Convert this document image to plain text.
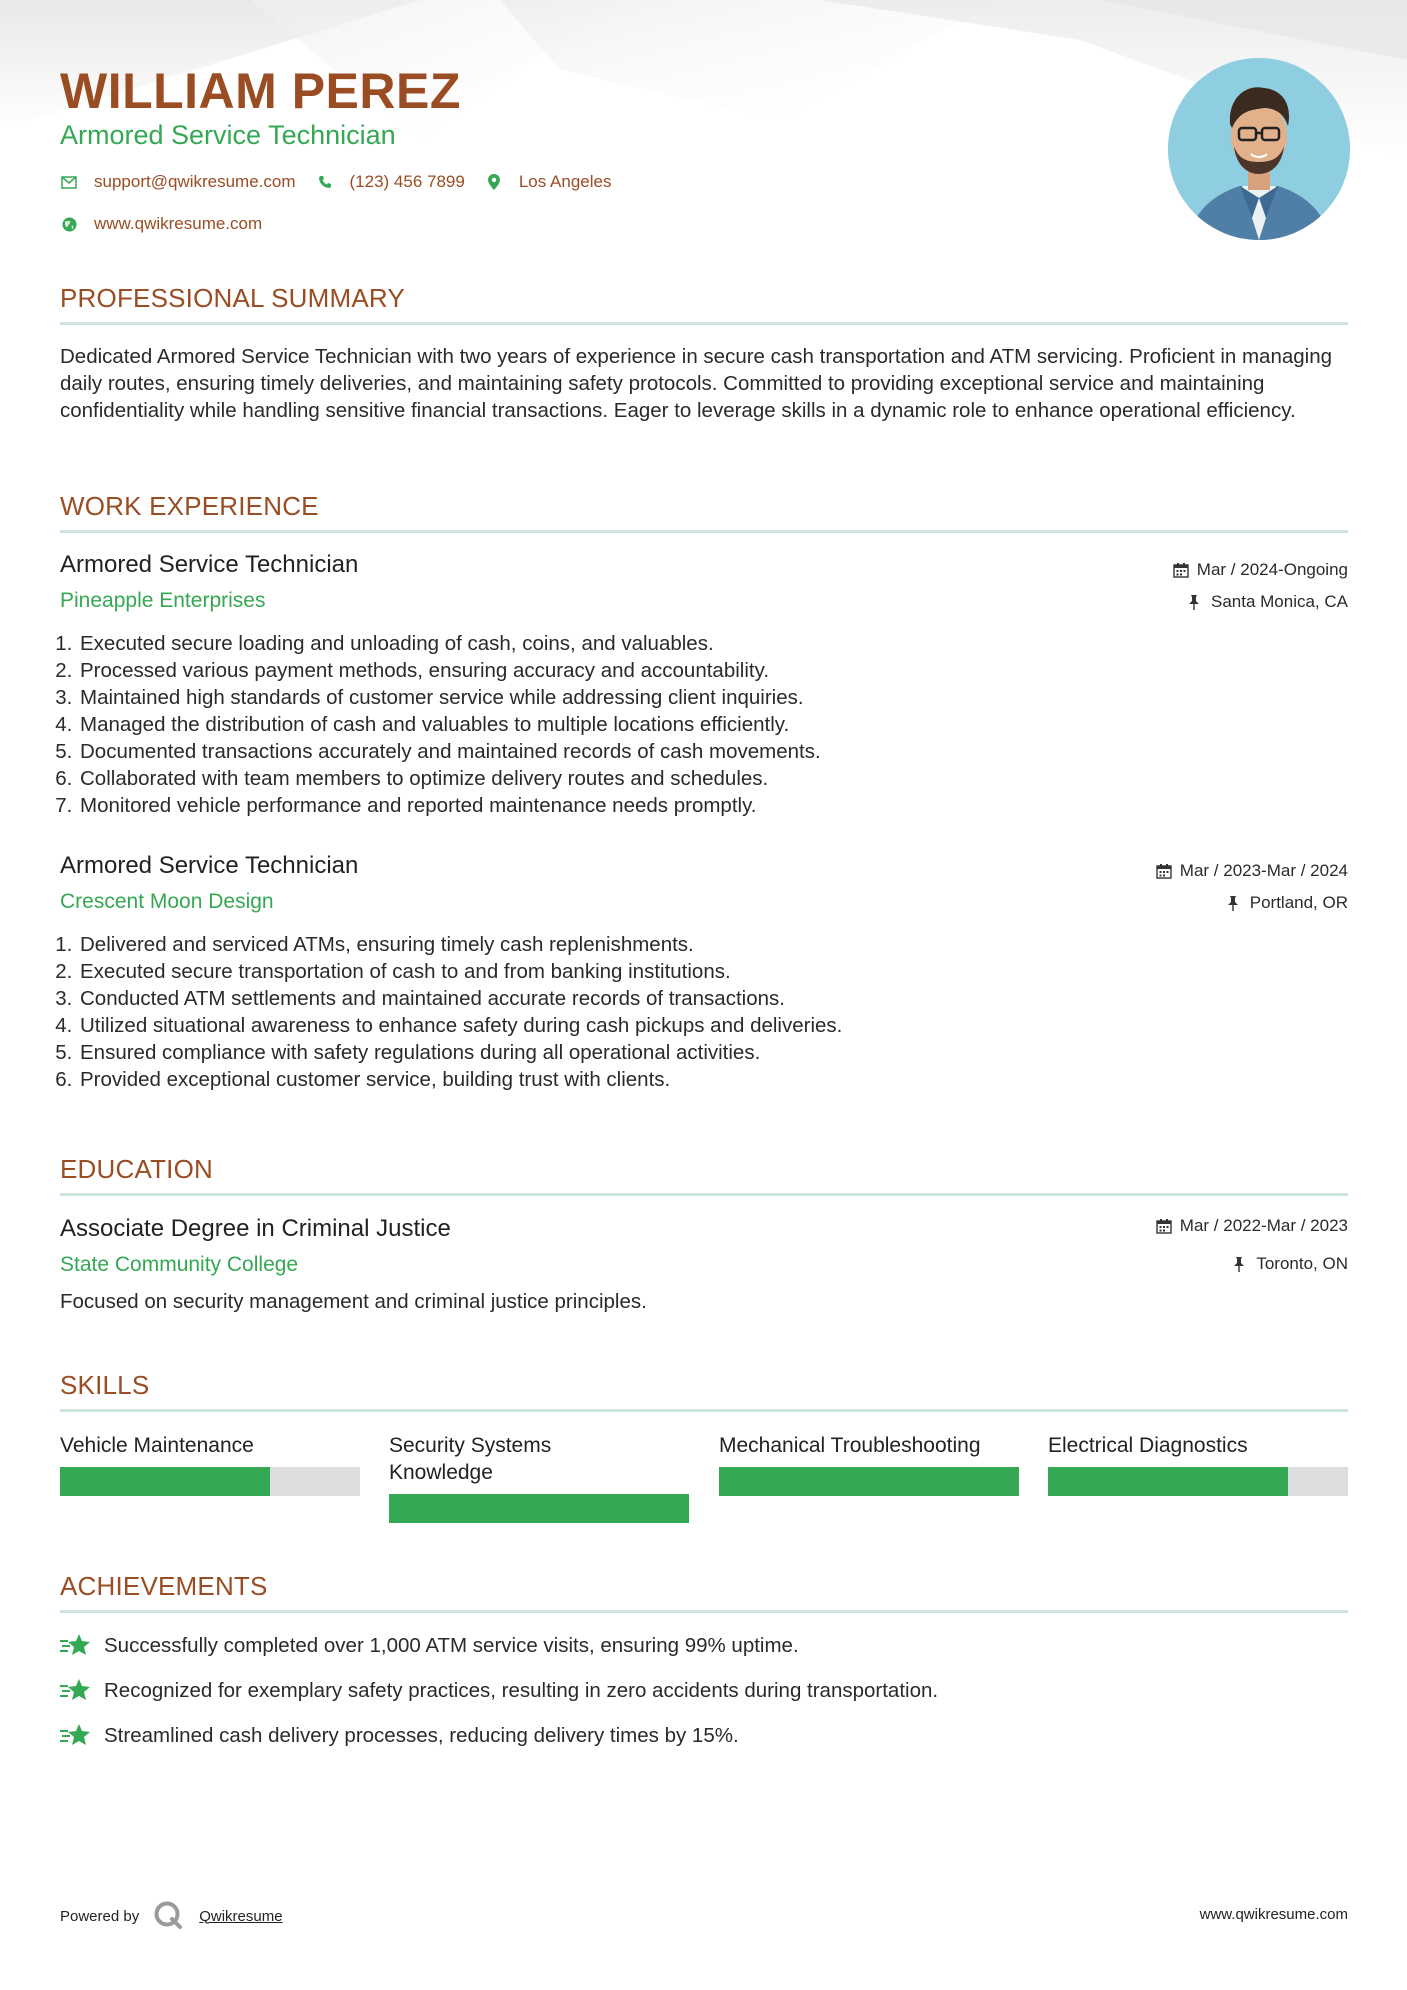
WILLIAM PEREZ
Armored Service Technician
support@qwikresume.com	(123) 456 7899	Los Angeles
www.qwikresume.com
PROFESSIONAL SUMMARY
Dedicated Armored Service Technician with two years of experience in secure cash transportation and ATM servicing. Proficient in managing daily routes, ensuring timely deliveries, and maintaining safety protocols. Committed to providing exceptional service and maintaining confidentiality while handling sensitive financial transactions. Eager to leverage skills in a dynamic role to enhance operational efficiency.
WORK EXPERIENCE
Armored Service Technician
Pineapple Enterprises
Mar / 2024-Ongoing
Santa Monica, CA
1. Executed secure loading and unloading of cash, coins, and valuables.
2. Processed various payment methods, ensuring accuracy and accountability.
3. Maintained high standards of customer service while addressing client inquiries.
4. Managed the distribution of cash and valuables to multiple locations efficiently.
5. Documented transactions accurately and maintained records of cash movements.
6. Collaborated with team members to optimize delivery routes and schedules.
7. Monitored vehicle performance and reported maintenance needs promptly.
Armored Service Technician
Crescent Moon Design
Mar / 2023-Mar / 2024
Portland, OR
1. Delivered and serviced ATMs, ensuring timely cash replenishments.
2. Executed secure transportation of cash to and from banking institutions.
3. Conducted ATM settlements and maintained accurate records of transactions.
4. Utilized situational awareness to enhance safety during cash pickups and deliveries.
5. Ensured compliance with safety regulations during all operational activities.
6. Provided exceptional customer service, building trust with clients.
EDUCATION
Associate Degree in Criminal Justice
State Community College
Mar / 2022-Mar / 2023
Toronto, ON
Focused on security management and criminal justice principles.
SKILLS
Vehicle Maintenance	Security Systems Knowledge
Mechanical Troubleshooting	Electrical Diagnostics
ACHIEVEMENTS
Successfully completed over 1,000 ATM service visits, ensuring 99% uptime.
Recognized for exemplary safety practices, resulting in zero accidents during transportation.
Streamlined cash delivery processes, reducing delivery times by 15%.
Powered by	Qwikresume	www.qwikresume.com
